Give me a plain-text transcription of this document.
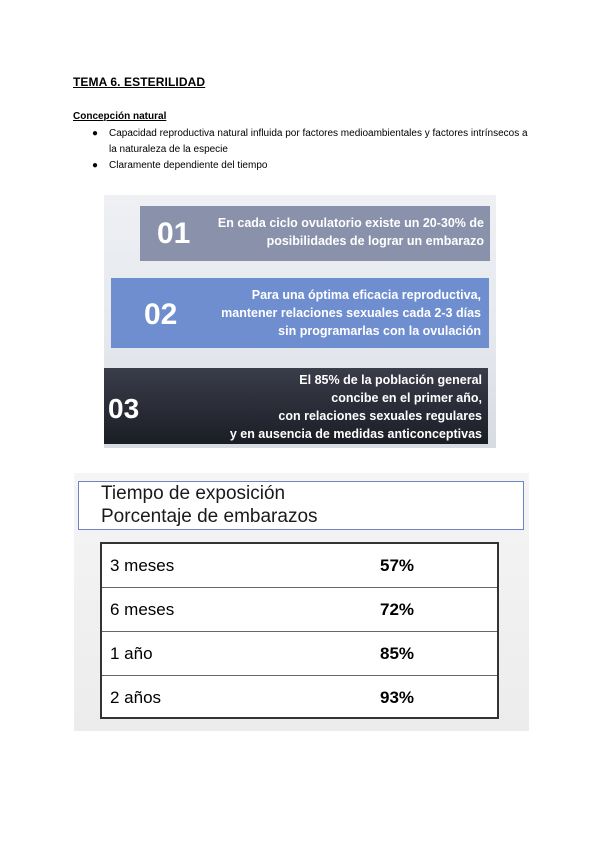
TEMA 6. ESTERILIDAD
Concepción natural
● Capacidad reproductiva natural influida por factores medioambientales y factores intrínsecos a la naturaleza de la especie
● Claramente dependiente del tiempo
01	En cada ciclo ovulatorio existe un 20-30% de
posibilidades de lograr un embarazo
02
Para una óptima eficacia reproductiva,
mantener relaciones sexuales cada 2-3 días
sin programarlas con la ovulación
03
El 85% de la población general
concibe en el primer año,
con relaciones sexuales regulares
y en ausencia de medidas anticonceptivas
Tiempo de exposición
Porcentaje de embarazos
3 meses	57%
6 meses	72%
1 año	85%
2 años	93%
